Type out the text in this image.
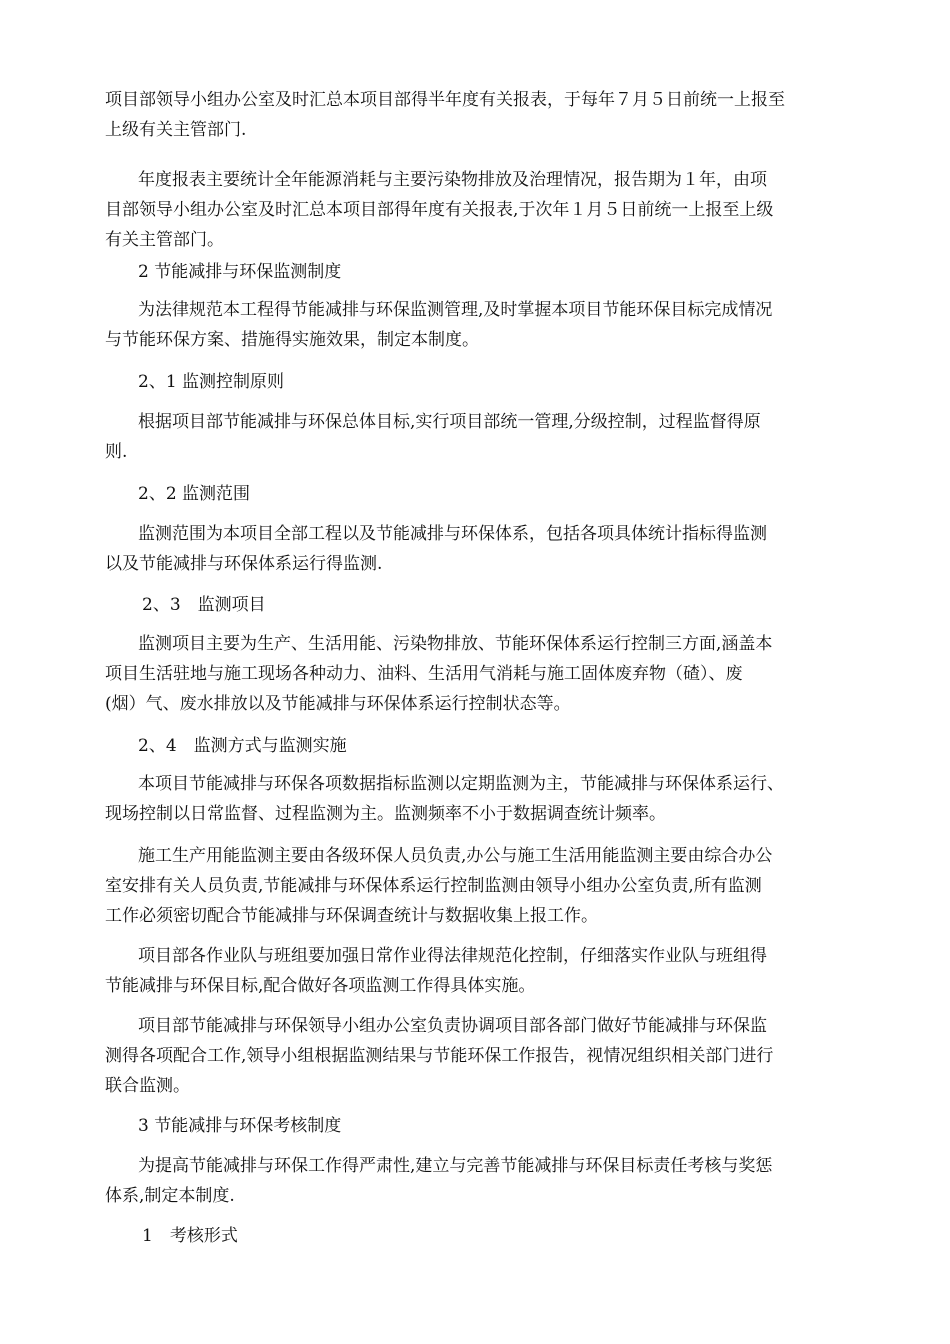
项目部领导小组办公室及时汇总本项目部得半年度有关报表，于每年７月５日前统一上报至
上级有关主管部门.
年度报表主要统计全年能源消耗与主要污染物排放及治理情况，报告期为１年，由项
目部领导小组办公室及时汇总本项目部得年度有关报表,于次年１月５日前统一上报至上级
有关主管部门。
2 节能减排与环保监测制度
为法律规范本工程得节能减排与环保监测管理,及时掌握本项目节能环保目标完成情况
与节能环保方案、措施得实施效果，制定本制度。
2、1 监测控制原则
根据项目部节能减排与环保总体目标,实行项目部统一管理,分级控制，过程监督得原
则.
2、2 监测范围
监测范围为本项目全部工程以及节能减排与环保体系，包括各项具体统计指标得监测
以及节能减排与环保体系运行得监测.
2、3　监测项目
监测项目主要为生产、生活用能、污染物排放、节能环保体系运行控制三方面,涵盖本
项目生活驻地与施工现场各种动力、油料、生活用气消耗与施工固体废弃物（碴）、废
(烟）气、废水排放以及节能减排与环保体系运行控制状态等。
2、4　监测方式与监测实施
本项目节能减排与环保各项数据指标监测以定期监测为主，节能减排与环保体系运行、
现场控制以日常监督、过程监测为主。监测频率不小于数据调查统计频率。
施工生产用能监测主要由各级环保人员负责,办公与施工生活用能监测主要由综合办公
室安排有关人员负责,节能减排与环保体系运行控制监测由领导小组办公室负责,所有监测
工作必须密切配合节能减排与环保调查统计与数据收集上报工作。
项目部各作业队与班组要加强日常作业得法律规范化控制，仔细落实作业队与班组得
节能减排与环保目标,配合做好各项监测工作得具体实施。
项目部节能减排与环保领导小组办公室负责协调项目部各部门做好节能减排与环保监
测得各项配合工作,领导小组根据监测结果与节能环保工作报告，视情况组织相关部门进行
联合监测。
3 节能减排与环保考核制度
为提高节能减排与环保工作得严肃性,建立与完善节能减排与环保目标责任考核与奖惩
体系,制定本制度.
1　考核形式
